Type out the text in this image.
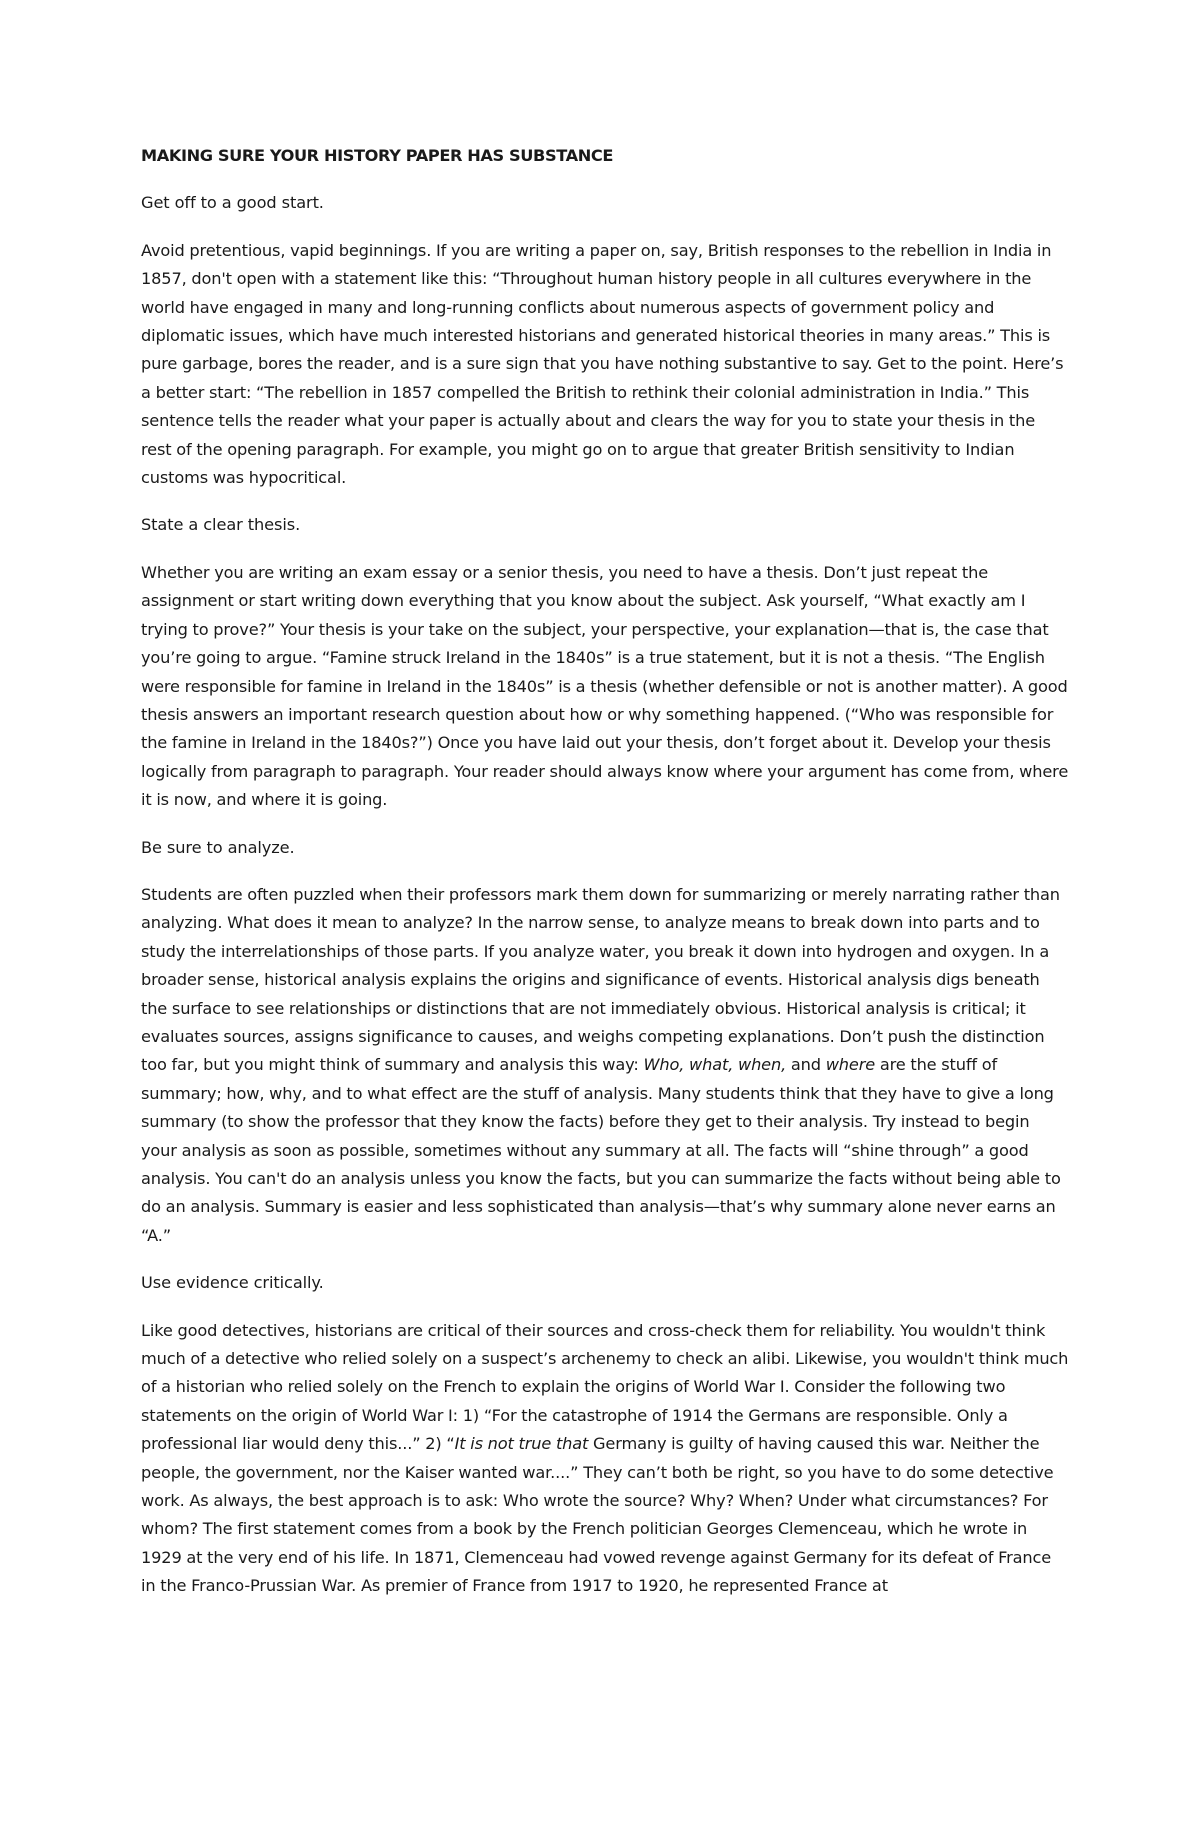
MAKING SURE YOUR HISTORY PAPER HAS SUBSTANCE
Get off to a good start.

Avoid pretentious, vapid beginnings. If you are writing a paper on, say, British responses to the rebellion in India in 1857, don't open with a statement like this: “Throughout human history people in all cultures everywhere in the world have engaged in many and long-running conflicts about numerous aspects of government policy and diplomatic issues, which have much interested historians and generated historical theories in many areas.” This is pure garbage, bores the reader, and is a sure sign that you have nothing substantive to say. Get to the point. Here’s a better start: “The rebellion in 1857 compelled the British to rethink their colonial administration in India.” This sentence tells the reader what your paper is actually about and clears the way for you to state your thesis in the rest of the opening paragraph. For example, you might go on to argue that greater British sensitivity to Indian customs was hypocritical.

State a clear thesis.

Whether you are writing an exam essay or a senior thesis, you need to have a thesis. Don’t just repeat the assignment or start writing down everything that you know about the subject. Ask yourself, “What exactly am I trying to prove?” Your thesis is your take on the subject, your perspective, your explanation—that is, the case that you’re going to argue. “Famine struck Ireland in the 1840s” is a true statement, but it is not a thesis. “The English were responsible for famine in Ireland in the 1840s” is a thesis (whether defensible or not is another matter). A good thesis answers an important research question about how or why something happened. (“Who was responsible for the famine in Ireland in the 1840s?”) Once you have laid out your thesis, don’t forget about it. Develop your thesis logically from paragraph to paragraph. Your reader should always know where your argument has come from, where it is now, and where it is going.

Be sure to analyze.

Students are often puzzled when their professors mark them down for summarizing or merely narrating rather than analyzing. What does it mean to analyze? In the narrow sense, to analyze means to break down into parts and to study the interrelationships of those parts. If you analyze water, you break it down into hydrogen and oxygen. In a broader sense, historical analysis explains the origins and significance of events. Historical analysis digs beneath the surface to see relationships or distinctions that are not immediately obvious. Historical analysis is critical; it evaluates sources, assigns significance to causes, and weighs competing explanations. Don’t push the distinction too far, but you might think of summary and analysis this way: Who, what, when, and where are the stuff of summary; how, why, and to what effect are the stuff of analysis. Many students think that they have to give a long summary (to show the professor that they know the facts) before they get to their analysis. Try instead to begin your analysis as soon as possible, sometimes without any summary at all. The facts will “shine through” a good analysis. You can't do an analysis unless you know the facts, but you can summarize the facts without being able to do an analysis. Summary is easier and less sophisticated than analysis—that’s why summary alone never earns an “A.”

Use evidence critically.

Like good detectives, historians are critical of their sources and cross-check them for reliability. You wouldn't think much of a detective who relied solely on a suspect’s archenemy to check an alibi. Likewise, you wouldn't think much of a historian who relied solely on the French to explain the origins of World War I. Consider the following two statements on the origin of World War I: 1) “For the catastrophe of 1914 the Germans are responsible. Only a professional liar would deny this...” 2) “It is not true that Germany is guilty of having caused this war. Neither the people, the government, nor the Kaiser wanted war....” They can’t both be right, so you have to do some detective work. As always, the best approach is to ask: Who wrote the source? Why? When? Under what circumstances? For whom? The first statement comes from a book by the French politician Georges Clemenceau, which he wrote in 1929 at the very end of his life. In 1871, Clemenceau had vowed revenge against Germany for its defeat of France in the Franco-Prussian War. As premier of France from 1917 to 1920, he represented France at
